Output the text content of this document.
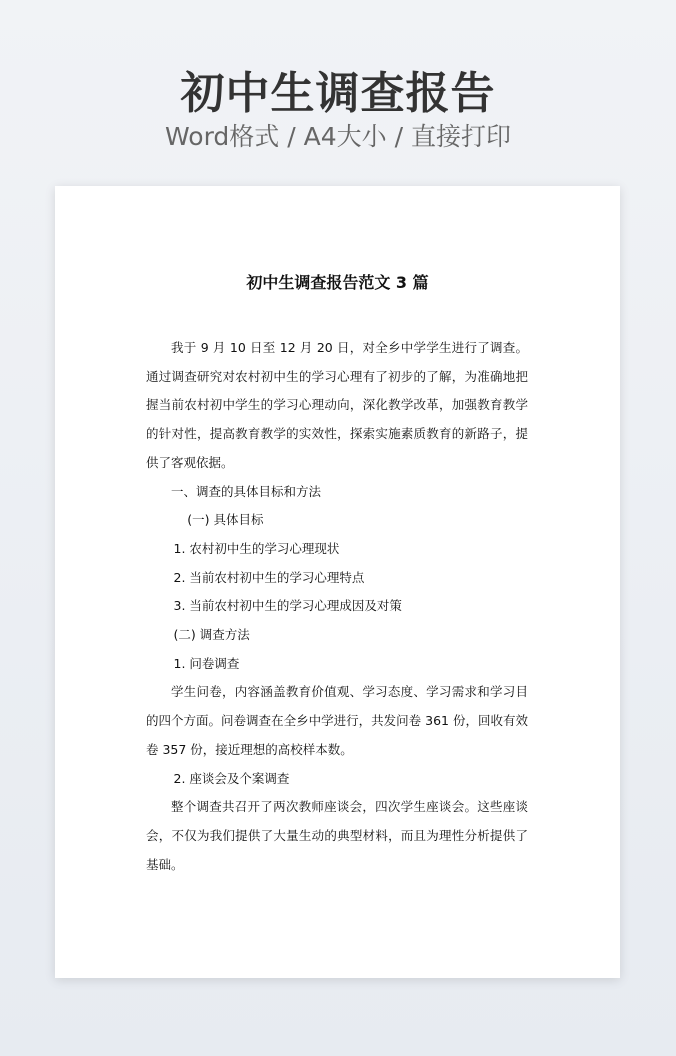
初中生调查报告
Word格式 / A4大小 / 直接打印
初中生调查报告范文 3 篇

我于 9 月 10 日至 12 月 20 日，对全乡中学学生进行了调查。通过调查研究对农村初中生的学习心理有了初步的了解，为准确地把握当前农村初中学生的学习心理动向，深化教学改革，加强教育教学的针对性，提高教育教学的实效性，探索实施素质教育的新路子，提供了客观依据。

一、调查的具体目标和方法

(一) 具体目标

1. 农村初中生的学习心理现状

2. 当前农村初中生的学习心理特点

3. 当前农村初中生的学习心理成因及对策

(二) 调查方法

1. 问卷调查

学生问卷，内容涵盖教育价值观、学习态度、学习需求和学习目的四个方面。问卷调查在全乡中学进行，共发问卷 361 份，回收有效卷 357 份，接近理想的高校样本数。

2. 座谈会及个案调查

整个调查共召开了两次教师座谈会，四次学生座谈会。这些座谈会，不仅为我们提供了大量生动的典型材料，而且为理性分析提供了基础。
